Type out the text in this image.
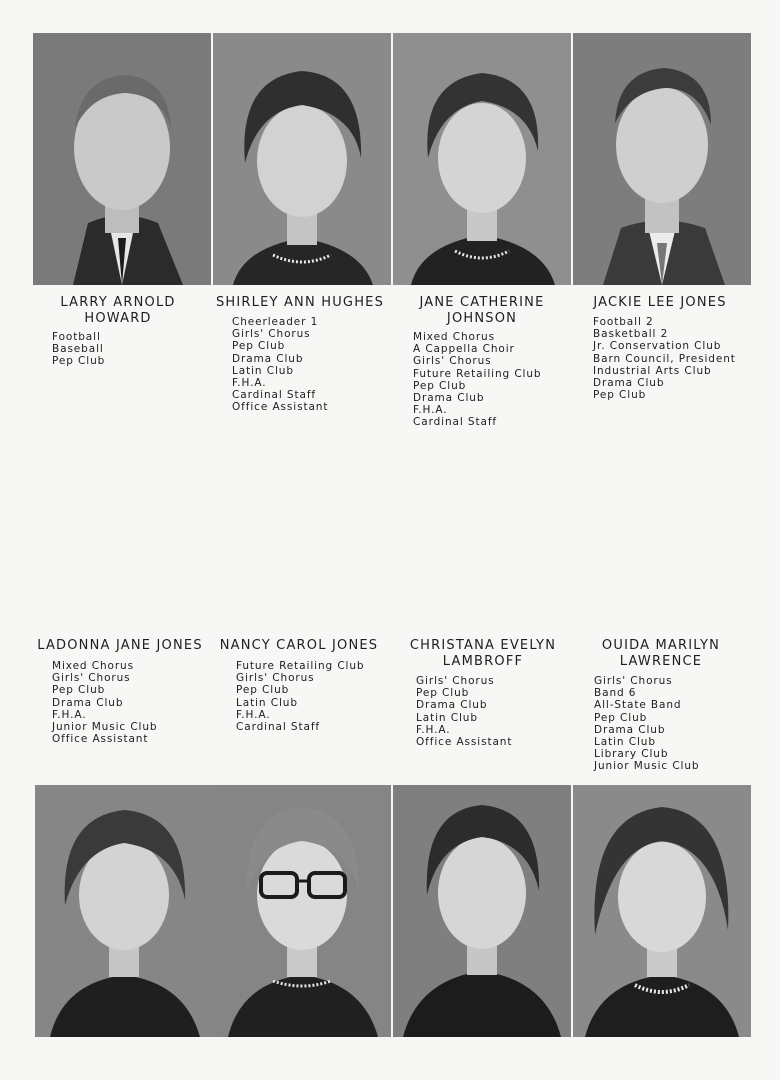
LARRY ARNOLD
HOWARD
Football
Baseball
Pep Club
SHIRLEY ANN HUGHES
Cheerleader 1
Girls' Chorus
Pep Club
Drama Club
Latin Club
F.H.A.
Cardinal Staff
Office Assistant
JANE CATHERINE
JOHNSON
Mixed Chorus
A Cappella Choir
Girls' Chorus
Future Retailing Club
Pep Club
Drama Club
F.H.A.
Cardinal Staff
JACKIE LEE JONES
Football 2
Basketball 2
Jr. Conservation Club
Barn Council, President
Industrial Arts Club
Drama Club
Pep Club
LADONNA JANE JONES
Mixed Chorus
Girls' Chorus
Pep Club
Drama Club
F.H.A.
Junior Music Club
Office Assistant
NANCY CAROL JONES
Future Retailing Club
Girls' Chorus
Pep Club
Latin Club
F.H.A.
Cardinal Staff
CHRISTANA EVELYN
LAMBROFF
Girls' Chorus
Pep Club
Drama Club
Latin Club
F.H.A.
Office Assistant
OUIDA MARILYN
LAWRENCE
Girls' Chorus
Band 6
All-State Band
Pep Club
Drama Club
Latin Club
Library Club
Junior Music Club
